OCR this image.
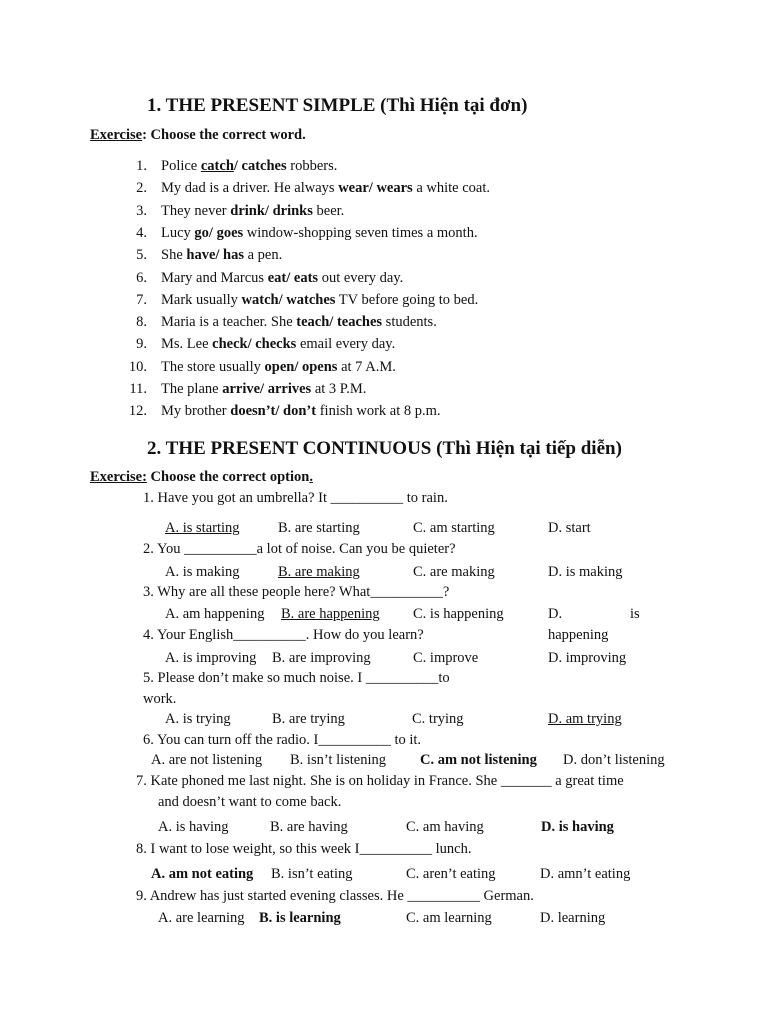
1. THE PRESENT SIMPLE (Thì Hiện tại đơn)
Exercise: Choose the correct word.
1. Police catch/ catches robbers.
2. My dad is a driver. He always wear/ wears a white coat.
3. They never drink/ drinks beer.
4. Lucy go/ goes window-shopping seven times a month.
5. She have/ has a pen.
6. Mary and Marcus eat/ eats out every day.
7. Mark usually watch/ watches TV before going to bed.
8. Maria is a teacher. She teach/ teaches students.
9. Ms. Lee check/ checks email every day.
10. The store usually open/ opens at 7 A.M.
11. The plane arrive/ arrives at 3 P.M.
12. My brother doesn’t/ don’t finish work at 8 p.m.
2. THE PRESENT CONTINUOUS (Thì Hiện tại tiếp diễn)
Exercise: Choose the correct option.
1. Have you got an umbrella? It __________ to rain.
A. is starting	B. are starting	C. am starting	D. start
2. You __________a lot of noise. Can you be quieter?
A. is making	B. are making	C. are making	D. is making
3. Why are all these people here? What__________?
A. am happening B. are happening C. is happening	D.	is
happening
4. Your English__________. How do you learn?
A. is improving B. are improving	C. improve	D. improving
5. Please don’t make so much noise. I __________to
work.
A. is trying	B. are trying	C. trying	D. am trying
6. You can turn off the radio. I__________ to it.
A. are not listening B. isn’t listening C. am not listening D. don’t listening
7. Kate phoned me last night. She is on holiday in France. She _______ a great time
and doesn’t want to come back.
A. is having	B. are having	C. am having	D. is having
8. I want to lose weight, so this week I__________ lunch.
A. am not eating B. isn’t eating	C. aren’t eating	D. amn’t eating
9. Andrew has just started evening classes. He __________ German.
A. are learning B. is learning	C. am learning	D. learning
